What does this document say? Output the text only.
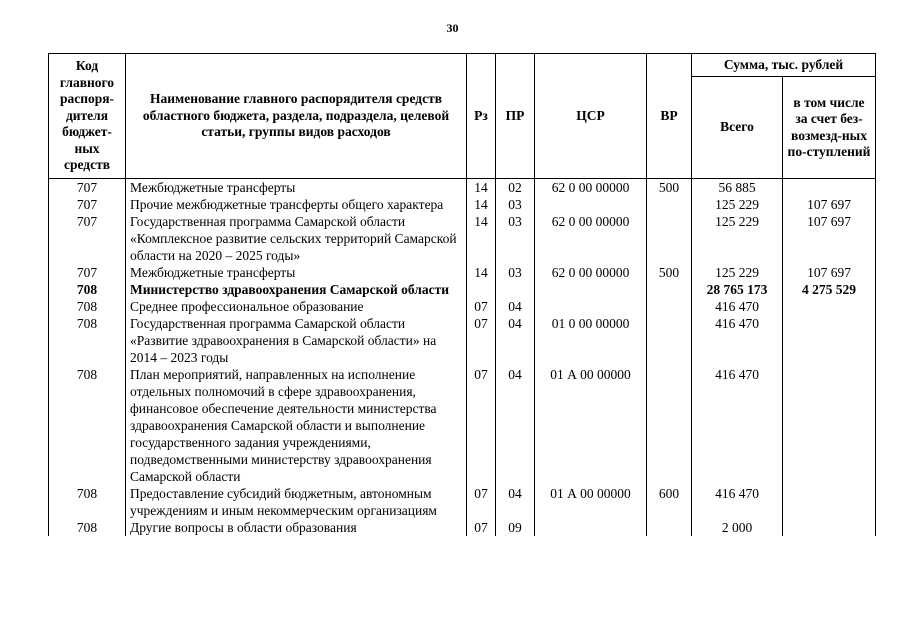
30
Код главного распоря-дителя бюджет-ных средств	Наименование главного распорядителя средств областного бюджета, раздела, подраздела, целевой статьи, группы видов расходов	Рз	ПР	ЦСР	ВР	Сумма, тыс. рублей	
						Всего	в том числе за счет без-возмезд-ных по-ступлений
707	Межбюджетные трансферты	14	02	62 0 00 00000	500	56 885	
707	Прочие межбюджетные трансферты общего характера	14	03			125 229	107 697
707	Государственная программа Самарской области «Комплексное развитие сельских территорий Самарской области на 2020 – 2025 годы»	14	03	62 0 00 00000		125 229	107 697
707	Межбюджетные трансферты	14	03	62 0 00 00000	500	125 229	107 697
708	Министерство здравоохранения Самарской области					28 765 173	4 275 529
708	Среднее профессиональное образование	07	04			416 470	
708	Государственная программа Самарской области «Развитие здравоохранения в Самарской области» на 2014 – 2023 годы	07	04	01 0 00 00000		416 470	
708	План мероприятий, направленных на исполнение отдельных полномочий в сфере здравоохранения, финансовое обеспечение деятельности министерства здравоохранения Самарской области и выполнение государственного задания учреждениями, подведомственными министерству здравоохранения Самарской области	07	04	01 А 00 00000		416 470	
708	Предоставление субсидий бюджетным, автономным учреждениям и иным некоммерческим организациям	07	04	01 А 00 00000	600	416 470	
708	Другие вопросы в области образования	07	09			2 000	
